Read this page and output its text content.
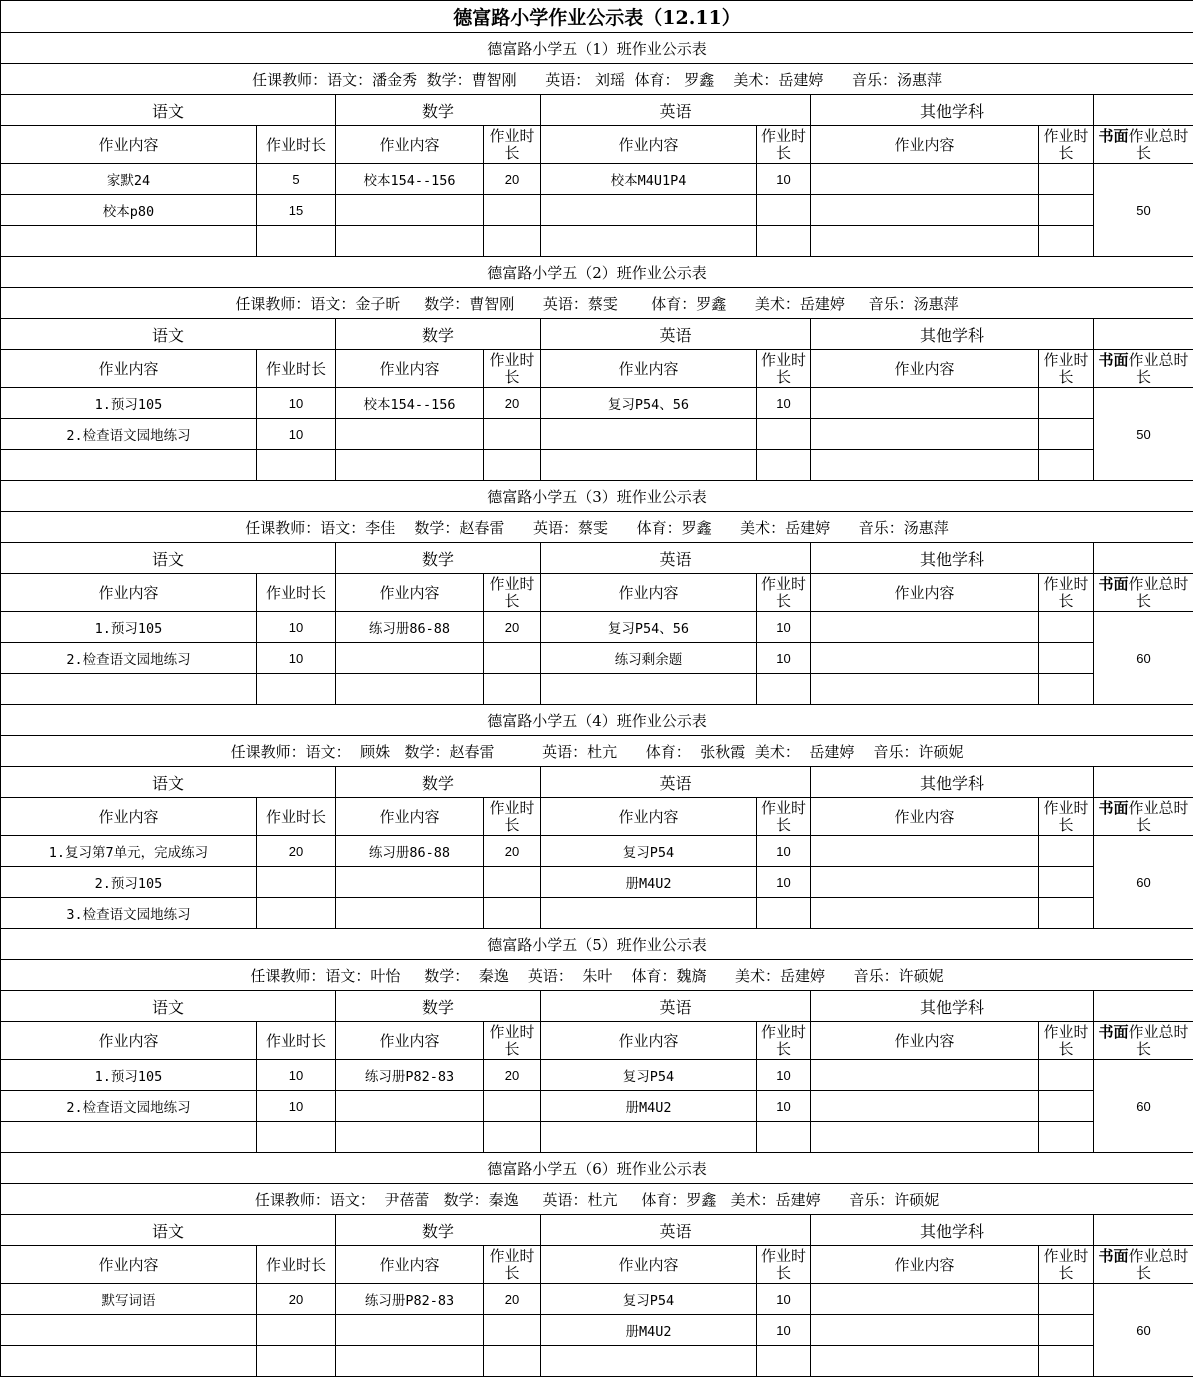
德富路小学作业公示表（12.11）								
德富路小学五（1）班作业公示表								
任课教师：语文：潘金秀  数学：曹智刚      英语： 刘瑶  体育： 罗鑫    美术：岳建婷      音乐：汤惠萍								
语文		数学		英语		其他学科		
作业内容	作业时长	作业内容	作业时长	作业内容	作业时长	作业内容	作业时长	书面作业总时长
家默24	5	校本154--156	20	校本M4U1P4	10			50
校本p80	15							

德富路小学五（2）班作业公示表								
任课教师：语文：金子昕     数学：曹智刚      英语：蔡雯       体育：罗鑫      美术：岳建婷     音乐：汤惠萍								
语文		数学		英语		其他学科		
作业内容	作业时长	作业内容	作业时长	作业内容	作业时长	作业内容	作业时长	书面作业总时长
1.预习105	10	校本154--156	20	复习P54、56	10			50
2.检查语文园地练习	10							

德富路小学五（3）班作业公示表								
任课教师：语文：李佳    数学：赵春雷      英语：蔡雯      体育：罗鑫      美术：岳建婷      音乐：汤惠萍								
语文		数学		英语		其他学科		
作业内容	作业时长	作业内容	作业时长	作业内容	作业时长	作业内容	作业时长	书面作业总时长
1.预习105	10	练习册86-88	20	复习P54、56	10			60
2.检查语文园地练习	10			练习剩余题	10			

德富路小学五（4）班作业公示表								
任课教师：语文：  顾姝   数学：赵春雷          英语：杜亢      体育：  张秋霞  美术：  岳建婷    音乐：许硕妮								
语文		数学		英语		其他学科		
作业内容	作业时长	作业内容	作业时长	作业内容	作业时长	作业内容	作业时长	书面作业总时长
1.复习第7单元，完成练习	20	练习册86-88	20	复习P54	10			60
2.预习105				册M4U2	10			
3.检查语文园地练习								
德富路小学五（5）班作业公示表								
任课教师：语文：叶怡     数学：  秦逸    英语：  朱叶    体育：魏旖      美术：岳建婷      音乐：许硕妮								
语文		数学		英语		其他学科		
作业内容	作业时长	作业内容	作业时长	作业内容	作业时长	作业内容	作业时长	书面作业总时长
1.预习105	10	练习册P82-83	20	复习P54	10			60
2.检查语文园地练习	10			册M4U2	10			

德富路小学五（6）班作业公示表								
任课教师：语文：  尹蓓蕾   数学：秦逸     英语：杜亢     体育：罗鑫   美术：岳建婷      音乐：许硕妮								
语文		数学		英语		其他学科		
作业内容	作业时长	作业内容	作业时长	作业内容	作业时长	作业内容	作业时长	书面作业总时长
默写词语	20	练习册P82-83	20	复习P54	10			60
				册M4U2	10			
